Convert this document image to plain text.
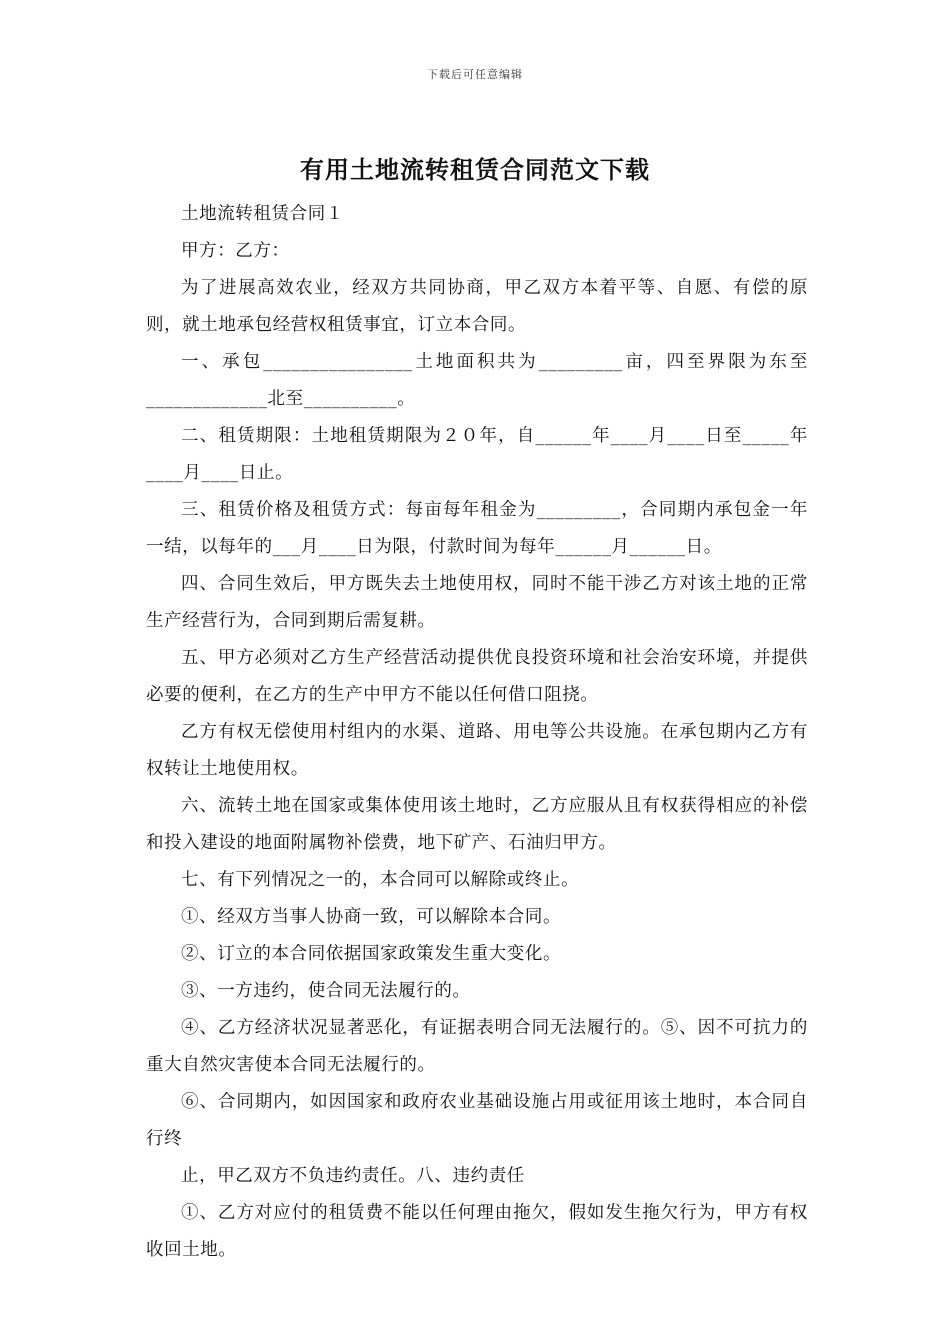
下载后可任意编辑
有用土地流转租赁合同范文下载

土地流转租赁合同１

甲方：乙方：

为了进展高效农业，经双方共同协商，甲乙双方本着平等、自愿、有偿的原则，就土地承包经营权租赁事宜，订立本合同。

一、承包________________土地面积共为_________亩，四至界限为东至_____________北至__________。

二、租赁期限：土地租赁期限为２０年，自______年____月____日至_____年____月____日止。

三、租赁价格及租赁方式：每亩每年租金为_________，合同期内承包金一年一结，以每年的___月____日为限，付款时间为每年______月______日。

四、合同生效后，甲方既失去土地使用权，同时不能干涉乙方对该土地的正常生产经营行为，合同到期后需复耕。

五、甲方必须对乙方生产经营活动提供优良投资环境和社会治安环境，并提供必要的便利，在乙方的生产中甲方不能以任何借口阻挠。

乙方有权无偿使用村组内的水渠、道路、用电等公共设施。在承包期内乙方有权转让土地使用权。

六、流转土地在国家或集体使用该土地时，乙方应服从且有权获得相应的补偿和投入建设的地面附属物补偿费，地下矿产、石油归甲方。

七、有下列情况之一的，本合同可以解除或终止。

①、经双方当事人协商一致，可以解除本合同。

②、订立的本合同依据国家政策发生重大变化。

③、一方违约，使合同无法履行的。

④、乙方经济状况显著恶化，有证据表明合同无法履行的。⑤、因不可抗力的重大自然灾害使本合同无法履行的。

⑥、合同期内，如因国家和政府农业基础设施占用或征用该土地时，本合同自行终

止，甲乙双方不负违约责任。八、违约责任

①、乙方对应付的租赁费不能以任何理由拖欠，假如发生拖欠行为，甲方有权收回土地。
